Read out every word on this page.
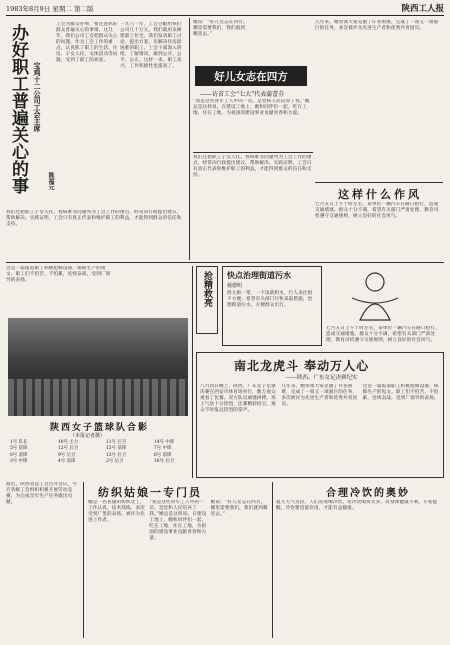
1983年8月9日 星期二 第二版	陕西工人报
办好职工普遍关心的事 宝鸡十二公司工会主席
陈福元
工会为群众办事，要注意抓好群众普遍关心的事情。这几年，我们公司工会把群众关心的问题，作为工会工作的重点，认真抓了职工的生活、住房、子女入托、文体活动等问题，受到了职工的欢迎。
一九八一年，工会分配给我们公司几十万元，我们就用来修建职工住宅。我们发动职工讨论，提出方案，先解决住房最困难的职工。工会干部深入班组，了解情况，做到公开、公平、公正。这样一来，职工高兴，工作积极性也提高了。
我们还把职工子女入托、看病难等问题列为工会工作的重点，经常向行政提出建议，帮助解决。实践证明，工会只有真正代表和维护职工的利益，才能得到群众的信任和支持。
她说：“好儿女志在四方。哪里需要我们，我们就到哪里去。”
好儿女志在四方
——访省工会“七大”代表蒲蕾芬
“我是这些青年工人中的一员，是党和人民培养了我。”她总是这样说。在建设工地上，她和同伴们一起，吃在工地，住在工地，为祖国的建设事业贡献青春和力量。
几年来，她带领大家克服了许多困难，完成了一项又一项艰巨的任务，多次被评为先进生产者和优秀共青团员。
我们还把职工子女入托、看病难等问题列为工会工作的重点，经常向行政提出建议，帮助解决。实践证明，工会只有真正代表和维护职工的利益，才能得到群众的信任和支持。
这样什么作风
七月五日上午十时左右，某单位一辆汽车在路口抢行，造成交通堵塞。群众十分不满，希望有关部门严肃处理，教育司机遵守交通规则，树立良好的社会风气。
这是一篇报道职工积极抢修设备、保障生产的短文。职工们不怕苦、不怕累，连续奋战，受到厂领导的表扬。
陕西女子篮球队合影
（本报记者摄）
1号 队长	10号 主力	11号 后卫	14号 中锋
5号 前锋	12号 后卫	15号 前锋	7号 中锋
8号 前锋	9号 后卫	13号 后卫	6号 前锋
3号 中锋	4号 前锋	2号 后卫	16号 后卫
抢精救亮	快点治理街道污水
杨德明
西大街一带，一下雨就积水，行人来往很不方便。希望有关部门尽快采取措施，治理街道污水，方便群众出行。
七月五日上午十时左右，某单位一辆汽车在路口抢行，造成交通堵塞。群众十分不满，希望有关部门严肃处理，教育司机遵守交通规则，树立良好的社会风气。
南北龙虎斗 奉动万人心
——陕西、广东女足决赛纪实
八月四日晚上，陕西、广东女子足球决赛在西安市体育场举行，数万观众观看了比赛。双方队员顽强拼搏，场上气氛十分热烈，比赛精彩纷呈，观众不时报以热烈的掌声。
几年来，她带领大家克服了许多困难，完成了一项又一项艰巨的任务，多次被评为先进生产者和优秀共青团员。
这是一篇报道职工积极抢修设备、保障生产的短文。职工们不怕苦、不怕累，连续奋战，受到厂领导的表扬。
最近，陕西省总工会召开会议，号召各级工会组织积极开展劳动竞赛，为完成全年生产任务做出贡献。
纺织姑娘一专门员
她是一名普通的纺织女工，工作认真，技术熟练，多次受到厂里的表扬，被评为先进工作者。
“我是这些青年工人中的一员，是党和人民培养了我。”她总是这样说。在建设工地上，她和同伴们一起，吃在工地，住在工地，为祖国的建设事业贡献青春和力量。
她说：“好儿女志在四方。哪里需要我们，我们就到哪里去。”
合理冷饮的奥妙
夏天天气炎热，人们喜欢喝冷饮。但冷饮喝得太多，对身体健康不利。专家提醒，冷饮要适量饮用，才能有益健康。
